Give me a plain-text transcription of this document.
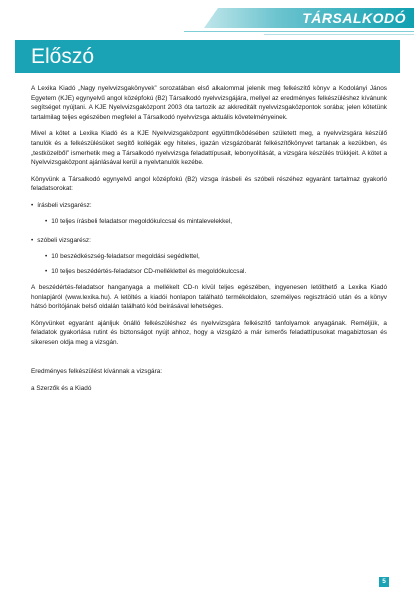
TÁRSALKODÓ
Előszó

A Lexika Kiadó „Nagy nyelvvizsgakönyvek” sorozatában első alkalommal jelenik meg felkészítő könyv a Kodolányi János Egyetem (KJE) egynyelvű angol középfokú (B2) Társalkodó nyelvvizsgájára, mellyel az eredményes felkészüléshez kívánunk segítséget nyújtani. A KJE Nyelvvizsgaközpont 2003 óta tartozik az akkreditált nyelvvizsgaközpontok sorába; jelen kötetünk tartalmilag teljes egészében megfelel a Társalkodó nyelvvizsga aktuális követelményeinek.

Mivel a kötet a Lexika Kiadó és a KJE Nyelvvizsgaközpont együttműködésében született meg, a nyelvvizsgára készülő tanulók és a felkészülésüket segítő kollégák egy hiteles, igazán vizsgázóbarát felkészítőkönyvet tartanak a kezükben, és „testközelből” ismerhetik meg a Társalkodó nyelvvizsga feladattípusait, lebonyolítását, a vizsgára készülés trükkjeit. A kötet a Nyelvvizsgaközpont ajánlásával kerül a nyelvtanulók kezébe.

Könyvünk a Társalkodó egynyelvű angol középfokú (B2) vizsga írásbeli és szóbeli részéhez egyaránt tartalmaz gyakorló feladatsorokat:

• írásbeli vizsgarész:
• 10 teljes írásbeli feladatsor megoldókulccsal és mintalevelekkel,
• szóbeli vizsgarész:
• 10 beszédkészség-feladatsor megoldási segédlettel,
• 10 teljes beszédértés-feladatsor CD-melléklettel és megoldókulccsal.

A beszédértés-feladatsor hanganyaga a mellékelt CD-n kívül teljes egészében, ingyenesen letölthető a Lexika Kiadó honlapjáról (www.lexika.hu). A letöltés a kiadói honlapon található termékoldalon, személyes regisztráció után és a könyv hátsó borítójának belső oldalán található kód beírásával lehetséges.

Könyvünket egyaránt ajánljuk önálló felkészüléshez és nyelvvizsgára felkészítő tanfolyamok anyagának. Reméljük, a feladatok gyakorlása rutint és biztonságot nyújt ahhoz, hogy a vizsgázó a már ismerős feladattípusokat magabiztosan és sikeresen oldja meg a vizsgán.

Eredményes felkészülést kívánnak a vizsgára:

a Szerzők és a Kiadó

5
